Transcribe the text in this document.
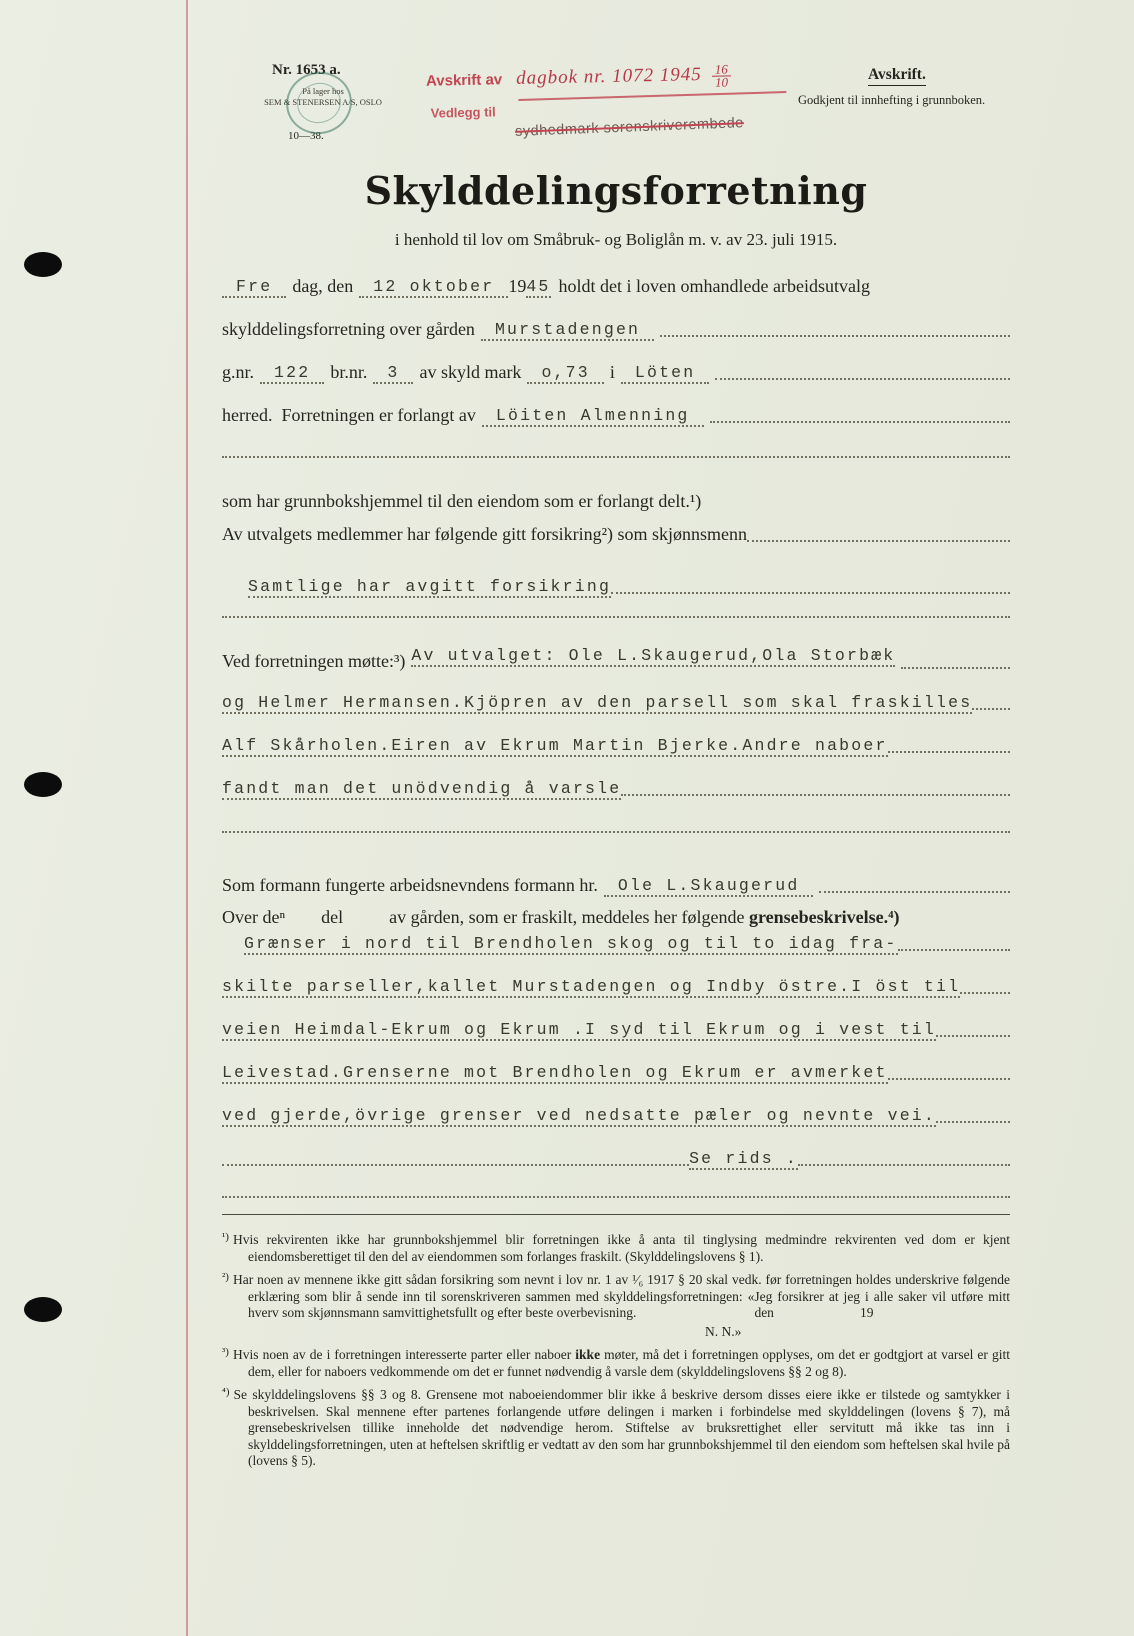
Nr. 1653 a.
På lager hos
SEM & STENERSEN A/S, OSLO
10—38.
Avskrift av dagbok nr. 1072 $1945 \frac{16}{10}$
Vedlegg til
sydhedmark sorenskriverembede
Avskrift.
Godkjent til innhefting i grunnboken.
Skylddelingsforretning
i henhold til lov om Småbruk- og Boliglån m. v. av 23. juli 1915.
Fre	dag, den	12 oktober 19 45 holdt det i loven omhandlede arbeidsutvalg
skylddelingsforretning over gården	Murstadengen
g.nr.	122	br.nr.	3	av skyld mark	o,73	i	Löten
herred.  Forretningen er forlangt av	Löiten Almenning
som har grunnbokshjemmel til den eiendom som er forlangt delt.¹)
Av utvalgets medlemmer har følgende gitt forsikring²) som skjønnsmenn
Samtlige har avgitt forsikring
Ved forretningen møtte:³) Av utvalget: Ole L.Skaugerud,Ola Storbæk
og Helmer Hermansen.Kjöpren av den parsell som skal fraskilles
Alf Skårholen.Eiren av Ekrum Martin Bjerke.Andre naboer
fandt man det unödvendig å varsle
Som formann fungerte arbeidsnevndens formann hr.	Ole L.Skaugerud
Over deⁿ del	av gården, som er fraskilt, meddeles her følgende grensebeskrivelse.⁴)
Grænser i nord til Brendholen skog og til to idag fra-
skilte parseller,kallet Murstadengen og Indby östre.I öst til
veien Heimdal-Ekrum og Ekrum .I syd til Ekrum og i vest til
Leivestad.Grenserne mot Brendholen og Ekrum er avmerket
ved gjerde,övrige grenser ved nedsatte pæler og nevnte vei.
Se rids .

$^{^1)}$ Hvis rekvirenten ikke har grunnbokshjemmel blir forretningen ikke å anta til tinglysing medmindre rekvirenten ved dom er kjent eiendomsberettiget til den del av eiendommen som forlanges fraskilt. (Skylddelingslovens § 1).

$^{^2)}$ Har noen av mennene ikke gitt sådan forsikring som nevnt i lov nr. 1 av ¹⁄₆ 1917 § 20 skal vedk. før forretningen holdes underskrive følgende erklæring som blir å sende inn til sorenskriveren sammen med skylddelingsforretningen: «Jeg forsikrer at jeg i alle saker vil utføre mitt hverv som skjønnsmann samvittighetsfullt og efter beste overbevisning.	den	19

N. N.»

$^{^3)}$ Hvis noen av de i forretningen interesserte parter eller naboer ikke møter, må det i forretningen opplyses, om det er godtgjort at varsel er gitt dem, eller for naboers vedkommende om det er funnet nødvendig å varsle dem (skylddelingslovens §§ 2 og 8).

$^{^4)}$ Se skylddelingslovens §§ 3 og 8. Grensene mot naboeiendommer blir ikke å beskrive dersom disses eiere ikke er tilstede og samtykker i beskrivelsen. Skal mennene efter partenes forlangende utføre delingen i marken i forbindelse med skylddelingen (lovens § 7), må grensebeskrivelsen tillike inneholde det nødvendige herom. Stiftelse av bruksrettighet eller servitutt må ikke tas inn i skylddelingsforretningen, uten at heftelsen skriftlig er vedtatt av den som har grunnbokshjemmel til den eiendom som heftelsen skal hvile på (lovens § 5).
